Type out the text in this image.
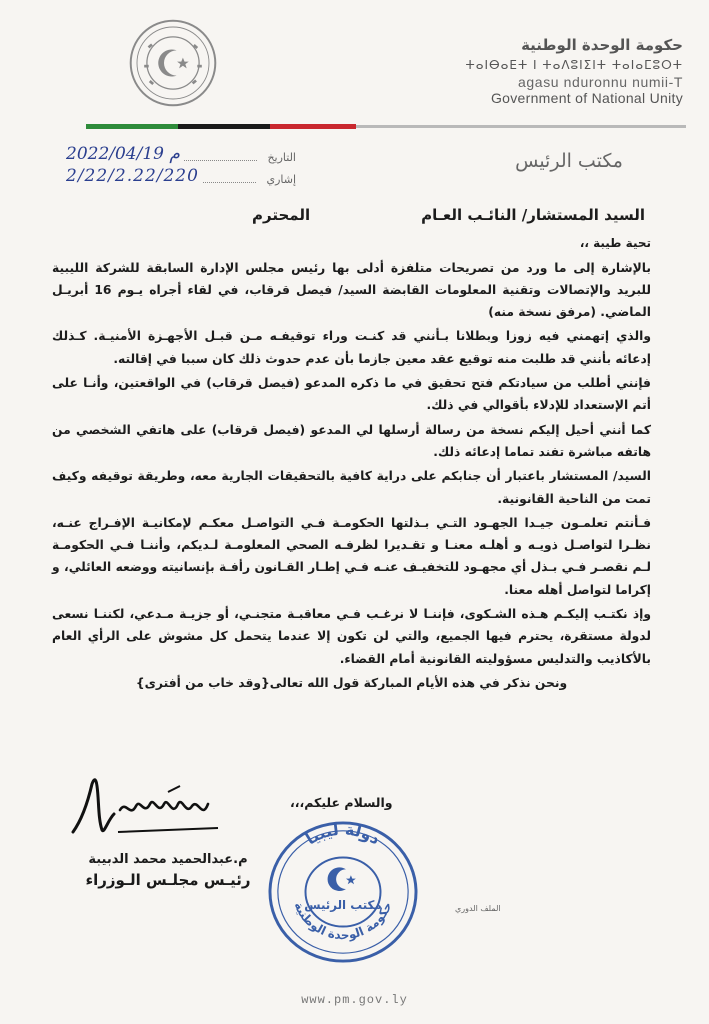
حكومة الوحدة الوطنية
ⵜⴰⵏⴱⴰⴹⵜ ⵏ ⵜⴰⴷⵓⵏⵉⵏⵜ ⵜⴰⵏⴰⵎⵓⵔⵜ
agasu nduronnu numii-T
Government of National Unity
مكتب الرئيس
2022/04/19 م	التاريخ
2/22/2.22/220	إشاري
السيد المستشار/ النائـب العـام
المحترم
تحية طيبة ،،

بالإشارة إلى ما ورد من تصريحات متلفزة أدلى بها رئيس مجلس الإدارة السابقة للشركة الليبية للبريد والإتصالات وتقنية المعلومات القابضة السيد/ فيصل قرقاب، في لقاء أجراه يـوم 16 أبريـل الماضي. (مرفق نسخة منه)

والذي إتهمني فيه زوزا وبطلانا بـأنني قد كنـت وراء توقيفـه مـن قبـل الأجهـزة الأمنيـة. كـذلك إدعائه بأنني قد طلبت منه توقيع عقد معين جازما بأن عدم حدوث ذلك كان سببا في إقالته.

فإنني أطلب من سيادتكم فتح تحقيق في ما ذكره المدعو (فيصل قرقاب) في الواقعتين، وأنـا على أتم الإستعداد للإدلاء بأقوالي في ذلك.

كما أنني أحيل إليكم نسخة من رسالة أرسلها لي المدعو (فيصل قرقاب) على هاتفي الشخصي من هاتفه مباشرة تفند تماما إدعائه ذلك.

السيد/ المستشار باعتبار أن جنابكم على دراية كافية بالتحقيقات الجارية معه، وطريقة توقيفه وكيف تمت من الناحية القانونية.

فـأنتم تعلمـون جيـدا الجهـود التـي بـذلتها الحكومـة فـي التواصـل معكـم لإمكانيـة الإفـراج عنـه، نظـرا لتواصـل ذويـه و أهلـه معنـا و تقـديرا لظرفـه الصحي المعلومـة لـديكم، وأننـا فـي الحكومـة لـم نقصـر فـي بـذل أي مجهـود للتخفيـف عنـه فـي إطـار القـانون رأفـة بإنسانيته ووضعه العائلي، و إكراما لتواصل أهله معنا.

وإذ نكتـب إليكـم هـذه الشـكوى، فإننـا لا نرغـب فـي معاقبـة متجنـي، أو جزيـة مـدعي، لكننـا نسعى لدولة مستقرة، يحترم فيها الجميع، والتي لن تكون إلا عندما يتحمل كل مشوش على الرأي العام بالأكاذيب والتدليس مسؤوليته القانونية أمام القضاء.

ونحن نذكر في هذه الأيام المباركة قول الله تعالى{وقد خاب من أفترى}

والسلام عليكم،،،
م.عبدالحميد محمد الدبيبة
رئيـس مجلـس الـوزراء
دولة ليبيا
حكومة الوحدة الوطنية
مكتب الرئيس	الملف الدوري
www.pm.gov.ly
